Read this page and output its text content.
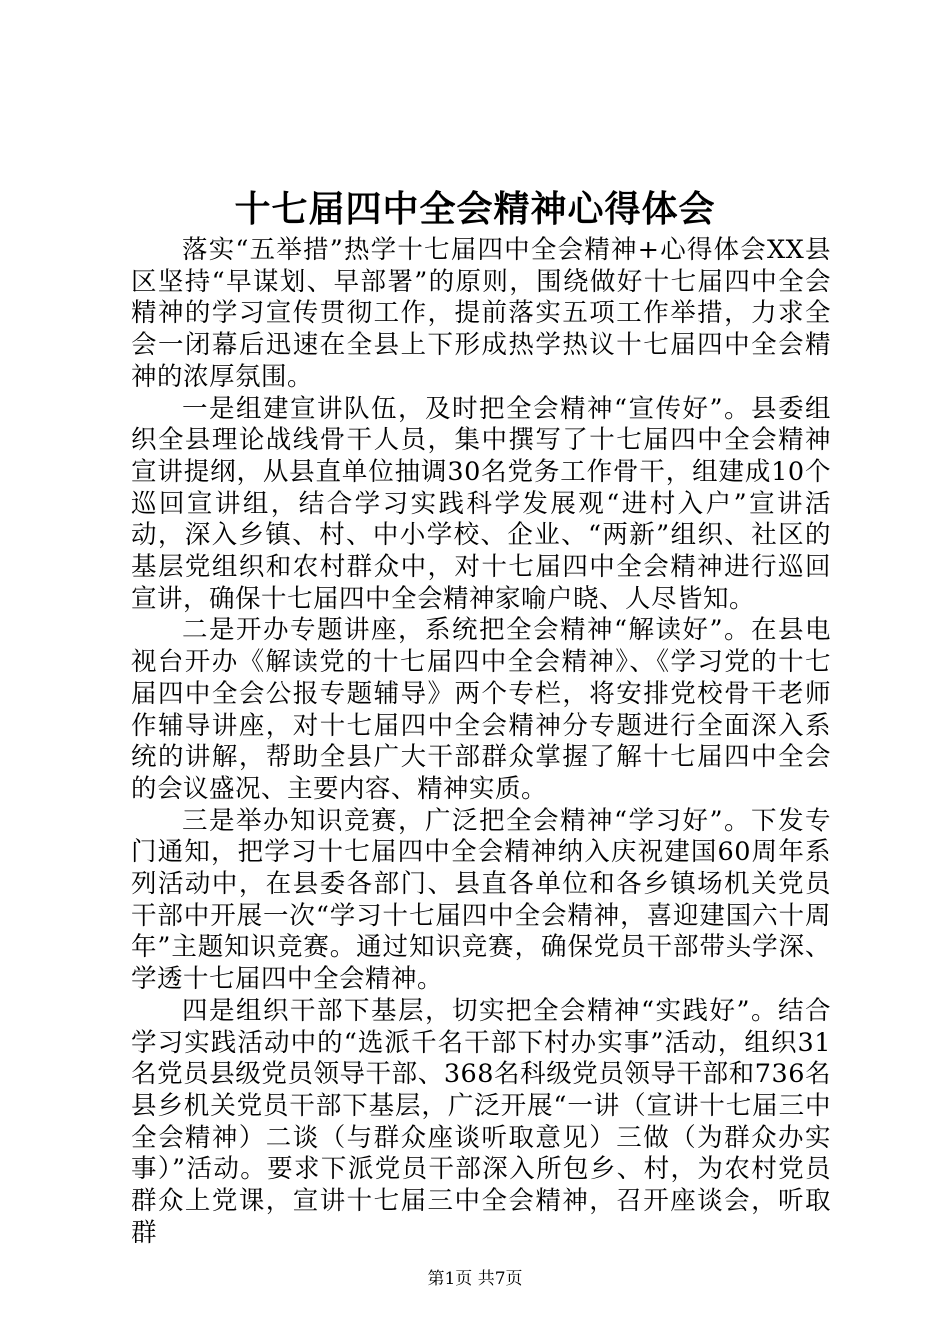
十七届四中全会精神心得体会

落实“五举措”热学十七届四中全会精神+心得体会XX县区坚持“早谋划、早部署”的原则，围绕做好十七届四中全会精神的学习宣传贯彻工作，提前落实五项工作举措，力求全会一闭幕后迅速在全县上下形成热学热议十七届四中全会精神的浓厚氛围。

一是组建宣讲队伍，及时把全会精神“宣传好”。县委组织全县理论战线骨干人员，集中撰写了十七届四中全会精神宣讲提纲，从县直单位抽调30名党务工作骨干，组建成10个巡回宣讲组，结合学习实践科学发展观“进村入户”宣讲活动，深入乡镇、村、中小学校、企业、“两新”组织、社区的基层党组织和农村群众中，对十七届四中全会精神进行巡回宣讲，确保十七届四中全会精神家喻户晓、人尽皆知。

二是开办专题讲座，系统把全会精神“解读好”。在县电视台开办《解读党的十七届四中全会精神》、《学习党的十七届四中全会公报专题辅导》两个专栏，将安排党校骨干老师作辅导讲座，对十七届四中全会精神分专题进行全面深入系统的讲解，帮助全县广大干部群众掌握了解十七届四中全会的会议盛况、主要内容、精神实质。

三是举办知识竞赛，广泛把全会精神“学习好”。下发专门通知，把学习十七届四中全会精神纳入庆祝建国60周年系列活动中，在县委各部门、县直各单位和各乡镇场机关党员干部中开展一次“学习十七届四中全会精神，喜迎建国六十周年”主题知识竞赛。通过知识竞赛，确保党员干部带头学深、学透十七届四中全会精神。

四是组织干部下基层，切实把全会精神“实践好”。结合学习实践活动中的“选派千名干部下村办实事”活动，组织31名党员县级党员领导干部、368名科级党员领导干部和736名县乡机关党员干部下基层，广泛开展“一讲（宣讲十七届三中全会精神）二谈（与群众座谈听取意见）三做（为群众办实事）”活动。要求下派党员干部深入所包乡、村，为农村党员群众上党课，宣讲十七届三中全会精神，召开座谈会，听取群

第1页 共7页
